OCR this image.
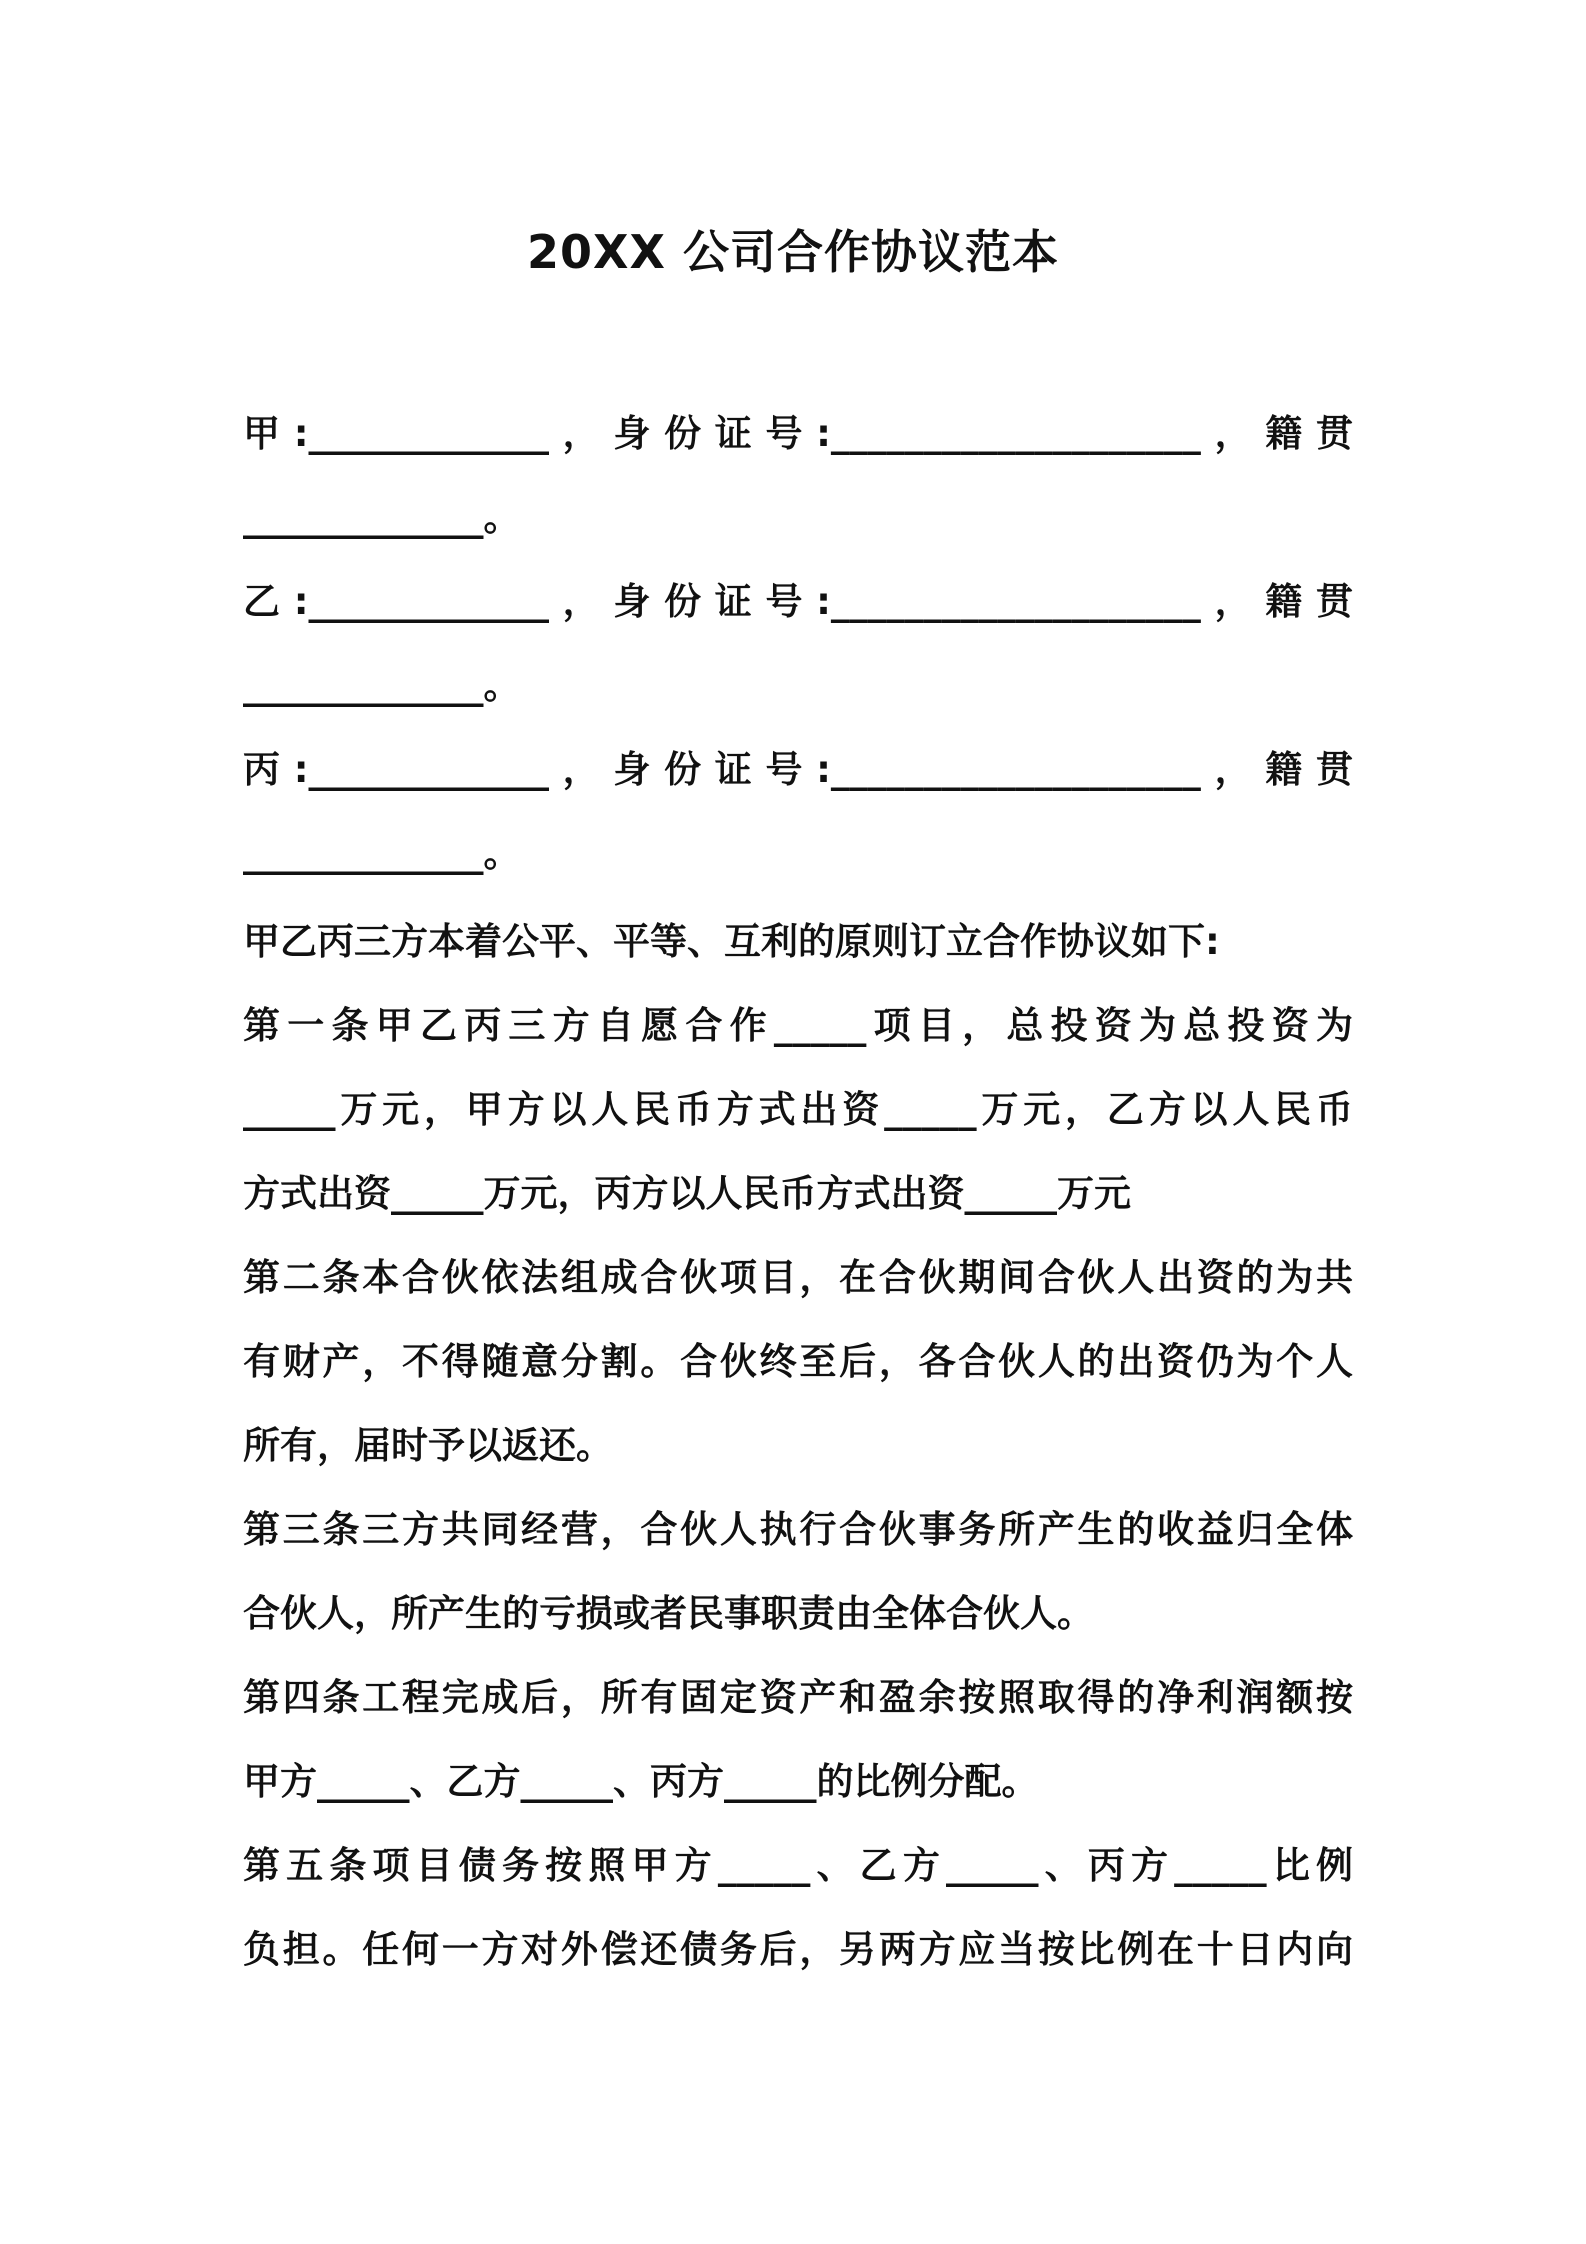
20XX 公司合作协议范本
甲:_____________，身份证号:____________________，籍贯
_____________。
乙:_____________，身份证号:____________________，籍贯
_____________。
丙:_____________，身份证号:____________________，籍贯
_____________。
甲乙丙三方本着公平、平等、互利的原则订立合作协议如下:
第一条甲乙丙三方自愿合作_____项目，总投资为总投资为
_____万元，甲方以人民币方式出资_____万元，乙方以人民币
方式出资_____万元，丙方以人民币方式出资_____万元
第二条本合伙依法组成合伙项目，在合伙期间合伙人出资的为共
有财产，不得随意分割。合伙终至后，各合伙人的出资仍为个人
所有，届时予以返还。
第三条三方共同经营，合伙人执行合伙事务所产生的收益归全体
合伙人，所产生的亏损或者民事职责由全体合伙人。
第四条工程完成后，所有固定资产和盈余按照取得的净利润额按
甲方_____、乙方_____、丙方_____的比例分配。
第五条项目债务按照甲方_____、乙方_____、丙方_____比例
负担。任何一方对外偿还债务后，另两方应当按比例在十日内向
